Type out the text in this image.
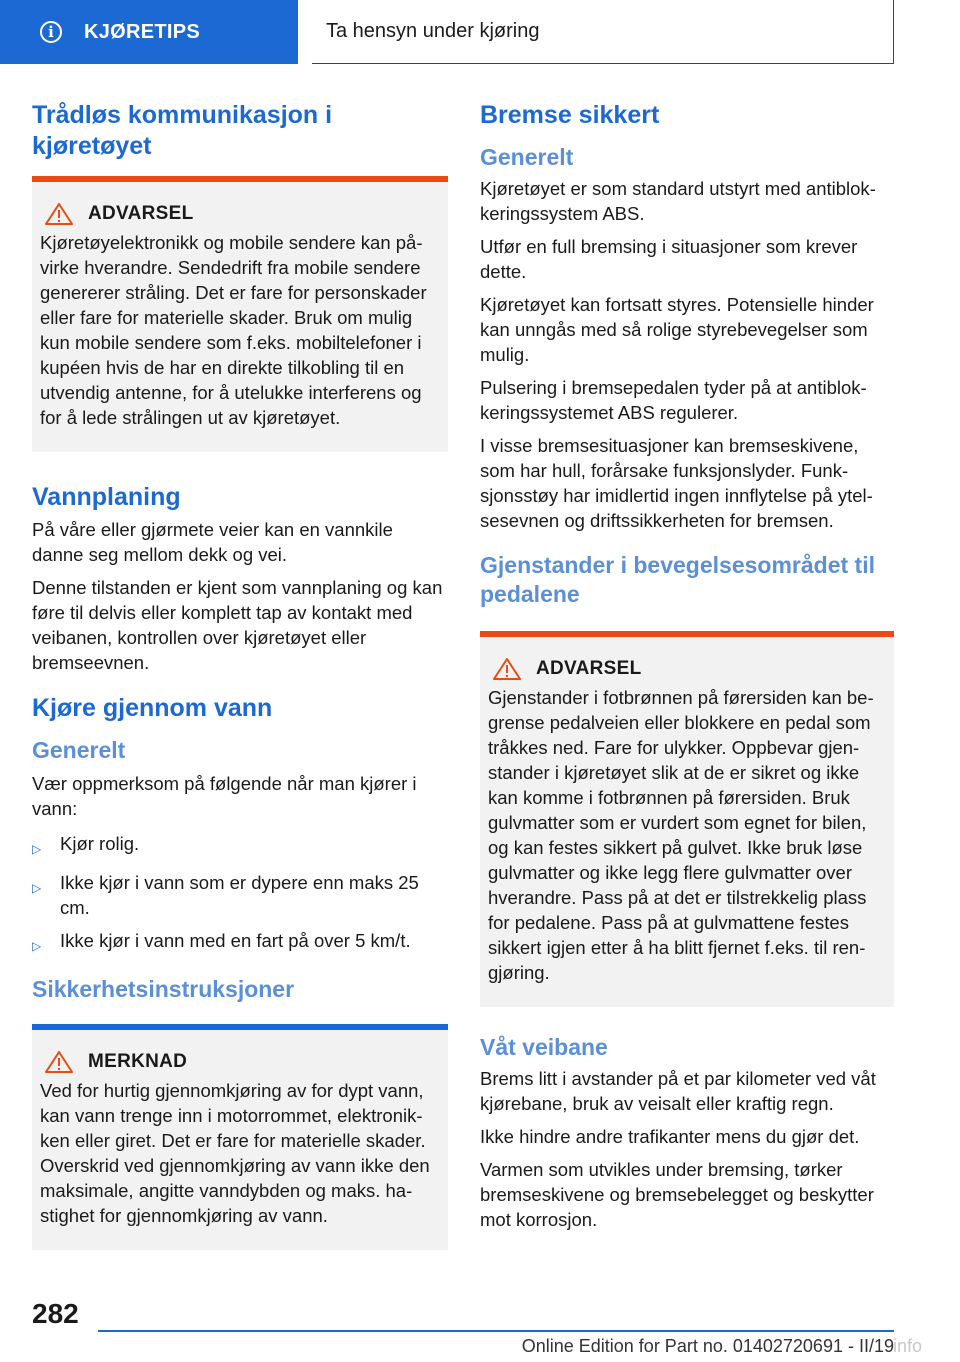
i	KJØRETIPS	Ta hensyn under kjøring
Trådløs kommunikasjon i kjøretøyet
ADVARSEL

Kjøretøyelektronikk og mobile sendere kan påvirke hverandre. Sendedrift fra mobile sendere genererer stråling. Det er fare for personskader eller fare for materielle skader. Bruk om mulig kun mobile sendere som f.eks. mobiltelefoner i kupéen hvis de har en direkte tilkobling til en utvendig antenne, for å utelukke interferens og for å lede strålingen ut av kjøretøyet.

Vannplaning

På våre eller gjørmete veier kan en vannkile danne seg mellom dekk og vei.

Denne tilstanden er kjent som vannplaning og kan føre til delvis eller komplett tap av kontakt med veibanen, kontrollen over kjøretøyet eller bremseevnen.

Kjøre gjennom vann
Generelt

Vær oppmerksom på følgende når man kjører i vann:

▷	Kjør rolig.
▷	Ikke kjør i vann som er dypere enn maks 25 cm.
▷	Ikke kjør i vann med en fart på over 5 km/t.
Sikkerhetsinstruksjoner
MERKNAD

Ved for hurtig gjennomkjøring av for dypt vann, kan vann trenge inn i motorrommet, elektronikken eller giret. Det er fare for materielle skader. Overskrid ved gjennomkjøring av vann ikke den maksimale, angitte vanndybden og maks. hastighet for gjennomkjøring av vann.

Bremse sikkert
Generelt

Kjøretøyet er som standard utstyrt med antiblokkeringssystem ABS.

Utfør en full bremsing i situasjoner som krever dette.

Kjøretøyet kan fortsatt styres. Potensielle hinder kan unngås med så rolige styrebevegelser som mulig.

Pulsering i bremsepedalen tyder på at antiblokkeringssystemet ABS regulerer.

I visse bremsesituasjoner kan bremseskivene, som har hull, forårsake funksjonslyder. Funksjonsstøy har imidlertid ingen innflytelse på ytelsesevnen og driftssikkerheten for bremsen.

Gjenstander i bevegelsesområdet til pedalene
ADVARSEL

Gjenstander i fotbrønnen på førersiden kan begrense pedalveien eller blokkere en pedal som tråkkes ned. Fare for ulykker. Oppbevar gjenstander i kjøretøyet slik at de er sikret og ikke kan komme i fotbrønnen på førersiden. Bruk gulvmatter som er vurdert som egnet for bilen, og kan festes sikkert på gulvet. Ikke bruk løse gulvmatter og ikke legg flere gulvmatter over hverandre. Pass på at det er tilstrekkelig plass for pedalene. Pass på at gulvmattene festes sikkert igjen etter å ha blitt fjernet f.eks. til rengjøring.

Våt veibane

Brems litt i avstander på et par kilometer ved våt kjørebane, bruk av veisalt eller kraftig regn.

Ikke hindre andre trafikanter mens du gjør det.

Varmen som utvikles under bremsing, tørker bremseskivene og bremsebelegget og beskytter mot korrosjon.

282
Online Edition for Part no. 01402720691 - II/19
info
